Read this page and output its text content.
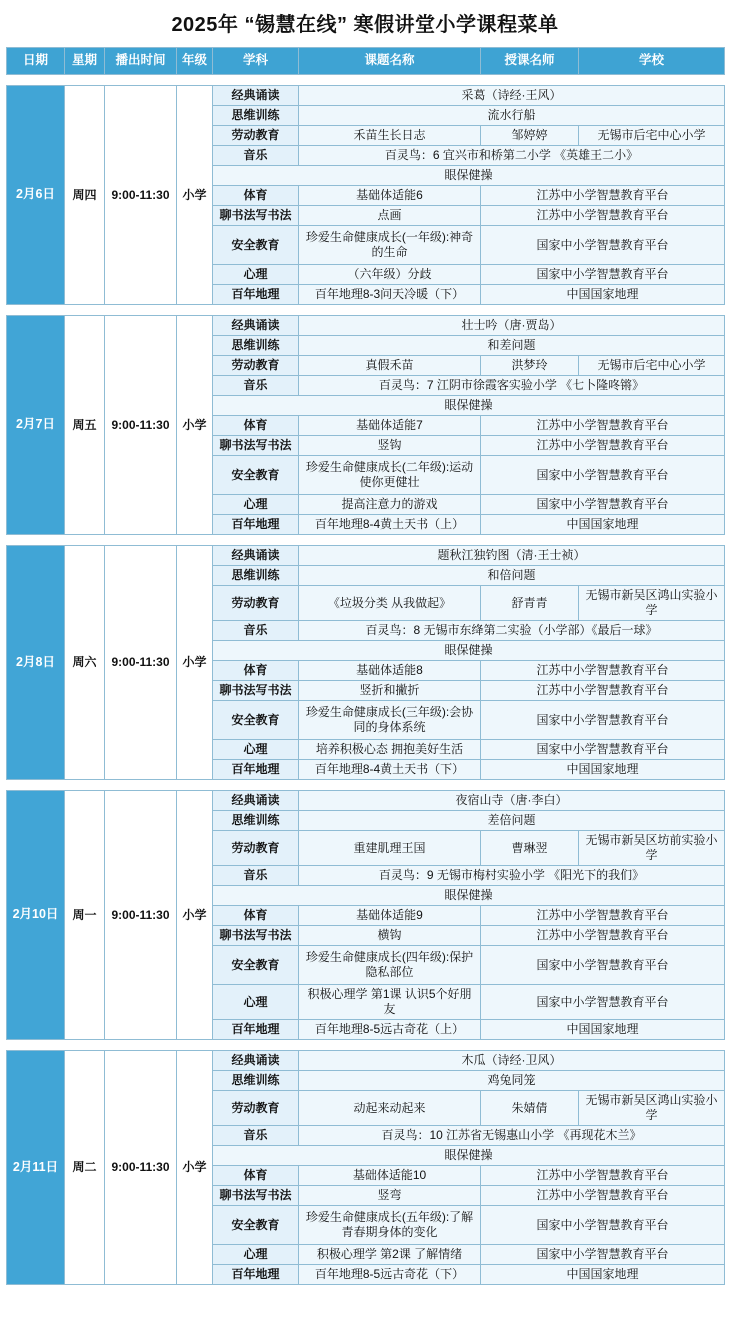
2025年 “锡慧在线” 寒假讲堂小学课程菜单
日期	星期	播出时间	年级	学科	课题名称	授课名师	学校
2月6日	周四	9:00-11:30	小学	经典诵读	采葛（诗经·王风）		
				思维训练	流水行船		
				劳动教育	禾苗生长日志	邹婷婷	无锡市后宅中心小学
				音乐	百灵鸟：6 宜兴市和桥第二小学 《英雄王二小》		
				眼保健操			
				体育	基础体适能6	江苏中小学智慧教育平台	
				聊书法写书法	点画	江苏中小学智慧教育平台	
				安全教育	珍爱生命健康成长(一年级):神奇的生命	国家中小学智慧教育平台	
				心理	（六年级）分歧	国家中小学智慧教育平台	
				百年地理	百年地理8-3问天冷暖（下）	中国国家地理	
2月7日	周五	9:00-11:30	小学	经典诵读	壮士吟（唐·贾岛）		
				思维训练	和差问题		
				劳动教育	真假禾苗	洪梦玲	无锡市后宅中心小学
				音乐	百灵鸟：7 江阴市徐霞客实验小学 《七卜隆咚锵》		
				眼保健操			
				体育	基础体适能7	江苏中小学智慧教育平台	
				聊书法写书法	竖钩	江苏中小学智慧教育平台	
				安全教育	珍爱生命健康成长(二年级):运动使你更健壮	国家中小学智慧教育平台	
				心理	提高注意力的游戏	国家中小学智慧教育平台	
				百年地理	百年地理8-4黄土天书（上）	中国国家地理	
2月8日	周六	9:00-11:30	小学	经典诵读	题秋江独钓图（清·王士祯）		
				思维训练	和倍问题		
				劳动教育	《垃圾分类 从我做起》	舒青青	无锡市新吴区鸿山实验小学
				音乐	百灵鸟：8 无锡市东绛第二实验（小学部）《最后一球》		
				眼保健操			
				体育	基础体适能8	江苏中小学智慧教育平台	
				聊书法写书法	竖折和撇折	江苏中小学智慧教育平台	
				安全教育	珍爱生命健康成长(三年级):会协同的身体系统	国家中小学智慧教育平台	
				心理	培养积极心态 拥抱美好生活	国家中小学智慧教育平台	
				百年地理	百年地理8-4黄土天书（下）	中国国家地理	
2月10日	周一	9:00-11:30	小学	经典诵读	夜宿山寺（唐·李白）		
				思维训练	差倍问题		
				劳动教育	重建肌理王国	曹琳翌	无锡市新吴区坊前实验小学
				音乐	百灵鸟：9 无锡市梅村实验小学 《阳光下的我们》		
				眼保健操			
				体育	基础体适能9	江苏中小学智慧教育平台	
				聊书法写书法	横钩	江苏中小学智慧教育平台	
				安全教育	珍爱生命健康成长(四年级):保护隐私部位	国家中小学智慧教育平台	
				心理	积极心理学 第1课 认识5个好朋友	国家中小学智慧教育平台	
				百年地理	百年地理8-5远古奇花（上）	中国国家地理	
2月11日	周二	9:00-11:30	小学	经典诵读	木瓜（诗经·卫风）		
				思维训练	鸡兔同笼		
				劳动教育	动起来动起来	朱婧倩	无锡市新吴区鸿山实验小学
				音乐	百灵鸟：10 江苏省无锡惠山小学 《再现花木兰》		
				眼保健操			
				体育	基础体适能10	江苏中小学智慧教育平台	
				聊书法写书法	竖弯	江苏中小学智慧教育平台	
				安全教育	珍爱生命健康成长(五年级):了解青春期身体的变化	国家中小学智慧教育平台	
				心理	积极心理学 第2课 了解情绪	国家中小学智慧教育平台	
				百年地理	百年地理8-5远古奇花（下）	中国国家地理	
